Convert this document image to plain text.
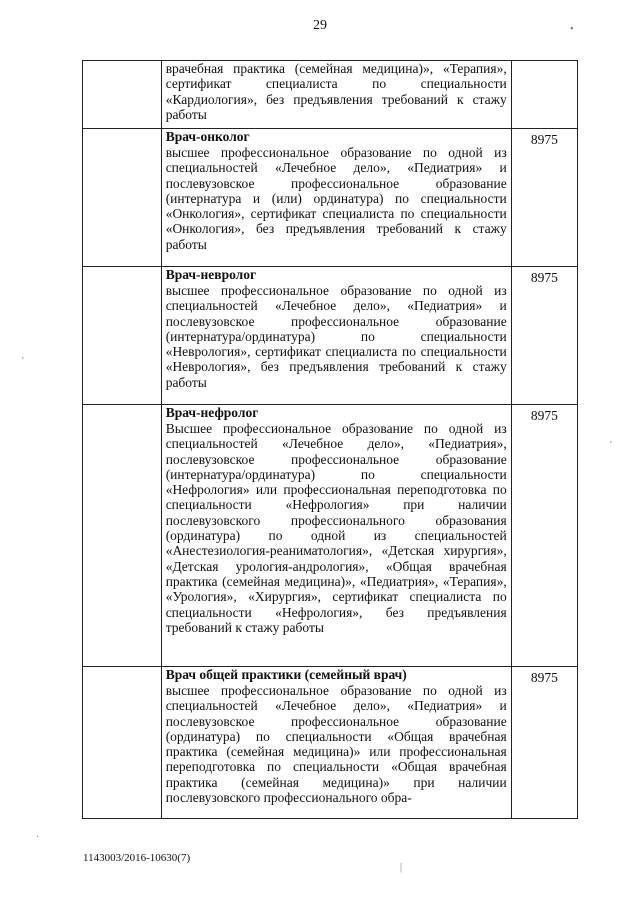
29

	врачебная практика (семейная медицина)», «Терапия», сертификат специалиста по специальности «Кардиология», без предъявления требований к стажу работы	

	Врач-онколог
высшее профессиональное образование по одной из специальностей «Лечебное дело», «Педиатрия» и послевузовское профессиональное образование (интернатура и (или) ординатура) по специальности «Онкология», сертификат специалиста по специальности «Онкология», без предъявления требований к стажу работы	8975

	Врач-невролог
высшее профессиональное образование по одной из специальностей «Лечебное дело», «Педиатрия» и послевузовское профессиональное образование (интернатура/ординатура) по специальности «Неврология», сертификат специалиста по специальности «Неврология», без предъявления требований к стажу работы	8975

	Врач-нефролог
Высшее профессиональное образование по одной из специальностей «Лечебное дело», «Педиатрия», послевузовское профессиональное образование (интернатура/ординатура) по специальности «Нефрология» или профессиональная переподготовка по специальности «Нефрология» при наличии послевузовского профессионального образования (ординатура) по одной из специальностей «Анестезиология-реаниматология», «Детская хирургия», «Детская урология-андрология», «Общая врачебная практика (семейная медицина)», «Педиатрия», «Терапия», «Урология», «Хирургия», сертификат специалиста по специальности «Нефрология», без предъявления требований к стажу работы	8975

	Врач общей практики (семейный врач)
высшее профессиональное образование по одной из специальностей «Лечебное дело», «Педиатрия» и послевузовское профессиональное образование (ординатура) по специальности «Общая врачебная практика (семейная медицина)» или профессиональная переподготовка по специальности «Общая врачебная практика (семейная медицина)» при наличии послевузовского профессионального обра-	8975
1143003/2016-10630(7)
•
'
'
·
|
